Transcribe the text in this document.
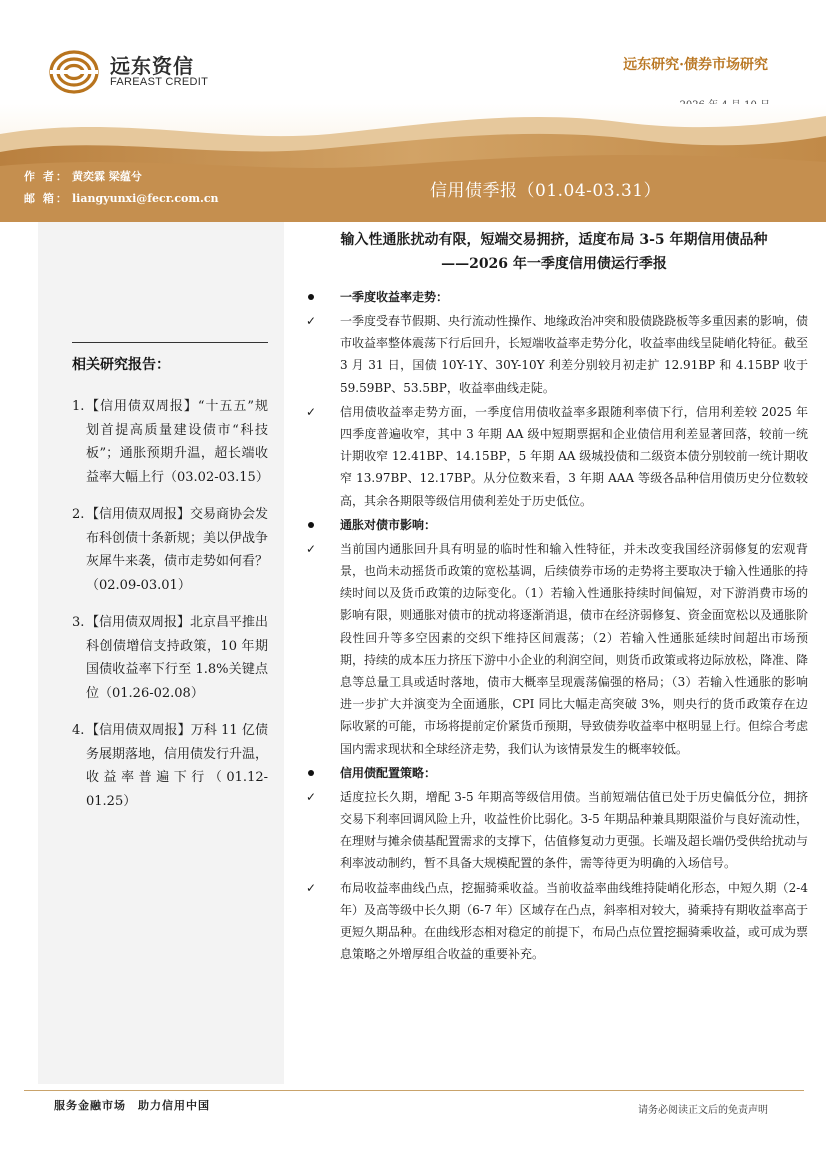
远东资信
FAREAST CREDIT
远东研究·债券市场研究
作 者： 黄奕霖 梁蕴兮
邮 箱： liangyunxi@fecr.com.cn	信用债季报（01.04-03.31）
相关研究报告：
1. 【信用债双周报】“十五五”规划首提高质量建设债市“科技板”；通胀预期升温，超长端收益率大幅上行（03.02-03.15）
2. 【信用债双周报】交易商协会发布科创债十条新规；美以伊战争灰犀牛来袭，债市走势如何看？（02.09-03.01）
3. 【信用债双周报】北京昌平推出科创债增信支持政策，10 年期国债收益率下行至 1.8%关键点位（01.26-02.08）
4. 【信用债双周报】万科 11 亿债务展期落地，信用债发行升温，收益率普遍下行（01.12-01.25）
输入性通胀扰动有限，短端交易拥挤，适度布局 3-5 年期信用债品种
——2026 年一季度信用债运行季报
一季度收益率走势：
✓ 一季度受春节假期、央行流动性操作、地缘政治冲突和股债跷跷板等多重因素的影响，债市收益率整体震荡下行后回升，长短端收益率走势分化，收益率曲线呈陡峭化特征。截至 3 月 31 日，国债 10Y-1Y、30Y-10Y 利差分别较月初走扩 12.91BP 和 4.15BP 收于 59.59BP、53.5BP，收益率曲线走陡。
✓ 信用债收益率走势方面，一季度信用债收益率多跟随利率债下行，信用利差较 2025 年四季度普遍收窄，其中 3 年期 AA 级中短期票据和企业债信用利差显著回落，较前一统计期收窄 12.41BP、14.15BP，5 年期 AA 级城投债和二级资本债分别较前一统计期收窄 13.97BP、12.17BP。从分位数来看，3 年期 AAA 等级各品种信用债历史分位数较高，其余各期限等级信用债利差处于历史低位。
通胀对债市影响：
✓ 当前国内通胀回升具有明显的临时性和输入性特征，并未改变我国经济弱修复的宏观背景，也尚未动摇货币政策的宽松基调，后续债券市场的走势将主要取决于输入性通胀的持续时间以及货币政策的边际变化。（1）若输入性通胀持续时间偏短，对下游消费市场的影响有限，则通胀对债市的扰动将逐渐消退，债市在经济弱修复、资金面宽松以及通胀阶段性回升等多空因素的交织下维持区间震荡；（2）若输入性通胀延续时间超出市场预期，持续的成本压力挤压下游中小企业的利润空间，则货币政策或将边际放松，降准、降息等总量工具或适时落地，债市大概率呈现震荡偏强的格局；（3）若输入性通胀的影响进一步扩大并演变为全面通胀，CPI 同比大幅走高突破 3%，则央行的货币政策存在边际收紧的可能，市场将提前定价紧货币预期，导致债券收益率中枢明显上行。但综合考虑国内需求现状和全球经济走势，我们认为该情景发生的概率较低。
信用债配置策略：
✓ 适度拉长久期，增配 3-5 年期高等级信用债。当前短端估值已处于历史偏低分位，拥挤交易下利率回调风险上升，收益性价比弱化。3-5 年期品种兼具期限溢价与良好流动性，在理财与摊余债基配置需求的支撑下，估值修复动力更强。长端及超长端仍受供给扰动与利率波动制约，暂不具备大规模配置的条件，需等待更为明确的入场信号。
✓ 布局收益率曲线凸点，挖掘骑乘收益。当前收益率曲线维持陡峭化形态，中短久期（2-4 年）及高等级中长久期（6-7 年）区域存在凸点，斜率相对较大，骑乘持有期收益率高于更短久期品种。在曲线形态相对稳定的前提下，布局凸点位置挖掘骑乘收益，或可成为票息策略之外增厚组合收益的重要补充。
服务金融市场　助力信用中国	请务必阅读正文后的免责声明
